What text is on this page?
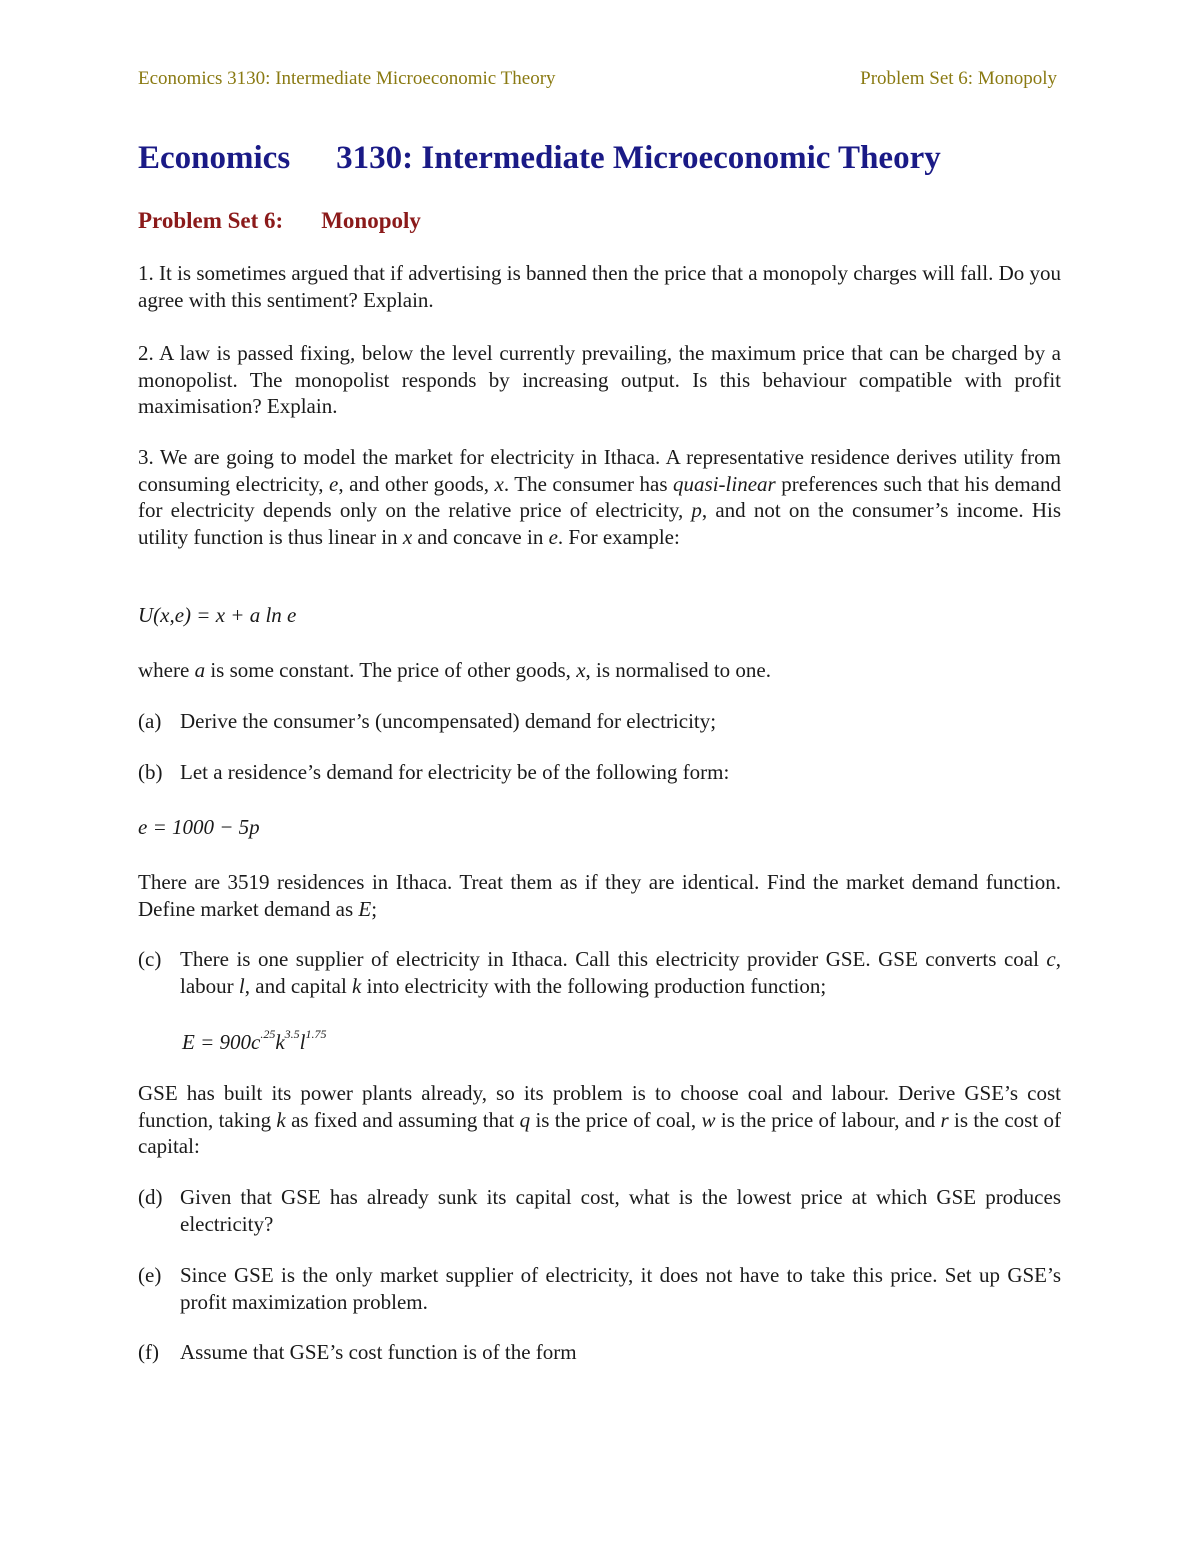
Economics 3130: Intermediate Microeconomic Theory	Problem Set 6: Monopoly
Economics 3130: Intermediate Microeconomic Theory
Problem Set 6: Monopoly

1. It is sometimes argued that if advertising is banned then the price that a monopoly charges will fall. Do you agree with this sentiment? Explain.

2. A law is passed fixing, below the level currently prevailing, the maximum price that can be charged by a monopolist. The monopolist responds by increasing output. Is this behaviour compatible with profit maximisation? Explain.

3. We are going to model the market for electricity in Ithaca. A representative residence derives utility from consuming electricity, e, and other goods, x. The consumer has quasi-linear preferences such that his demand for electricity depends only on the relative price of electricity, p, and not on the consumer’s income. His utility function is thus linear in x and concave in e. For example:

U(x,e) = x + a ln e

where a is some constant. The price of other goods, x, is normalised to one.

(a) Derive the consumer’s (uncompensated) demand for electricity;
(b) Let a residence’s demand for electricity be of the following form:

e = 1000 − 5p

There are 3519 residences in Ithaca. Treat them as if they are identical. Find the market demand function. Define market demand as E;

(c) There is one supplier of electricity in Ithaca. Call this electricity provider GSE. GSE converts coal c, labour l, and capital k into electricity with the following production function;

$E = 900c^{.25}k^{3.5}l^{1.75}$

GSE has built its power plants already, so its problem is to choose coal and labour. Derive GSE’s cost function, taking k as fixed and assuming that q is the price of coal, w is the price of labour, and r is the cost of capital:

(d) Given that GSE has already sunk its capital cost, what is the lowest price at which GSE produces electricity?
(e) Since GSE is the only market supplier of electricity, it does not have to take this price. Set up GSE’s profit maximization problem.
(f)	Assume that GSE’s cost function is of the form
